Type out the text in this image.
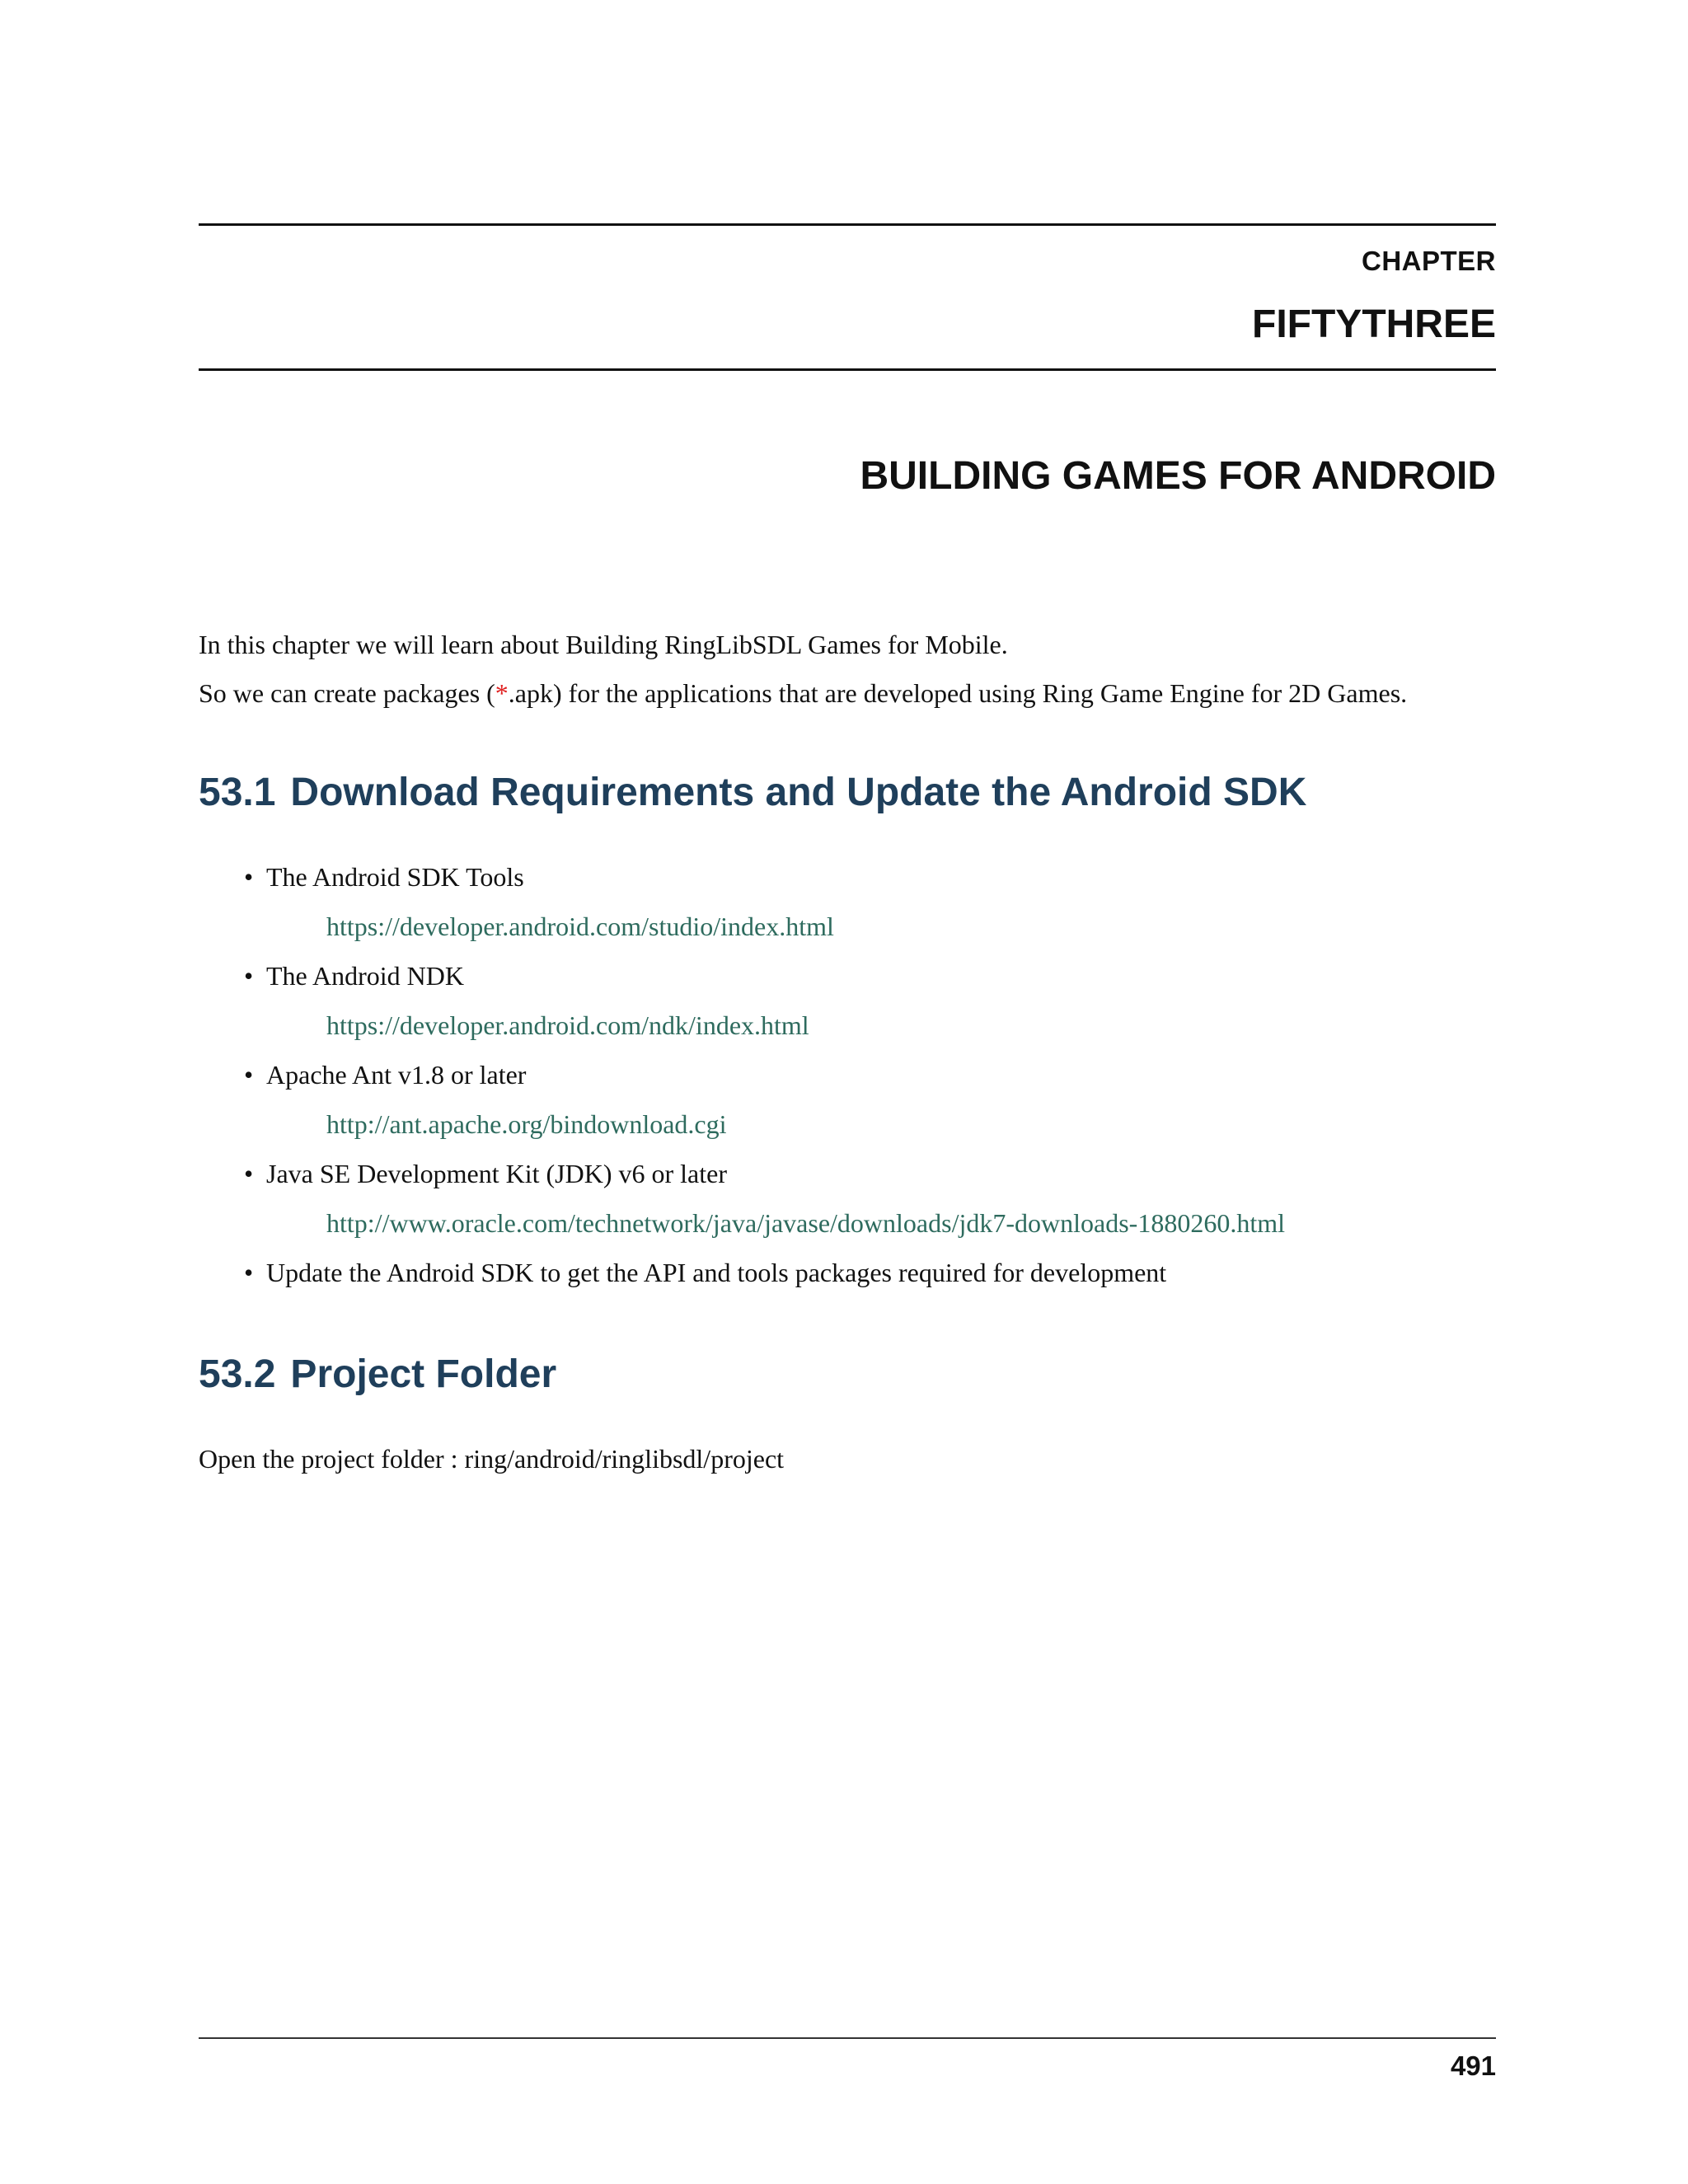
CHAPTER
FIFTYTHREE
BUILDING GAMES FOR ANDROID

In this chapter we will learn about Building RingLibSDL Games for Mobile.

So we can create packages (*.apk) for the applications that are developed using Ring Game Engine for 2D Games.

53.1 Download Requirements and Update the Android SDK
• The Android SDK Tools
https://developer.android.com/studio/index.html
• The Android NDK
https://developer.android.com/ndk/index.html
• Apache Ant v1.8 or later
http://ant.apache.org/bindownload.cgi
• Java SE Development Kit (JDK) v6 or later
http://www.oracle.com/technetwork/java/javase/downloads/jdk7-downloads-1880260.html
• Update the Android SDK to get the API and tools packages required for development
53.2 Project Folder

Open the project folder : ring/android/ringlibsdl/project

491
